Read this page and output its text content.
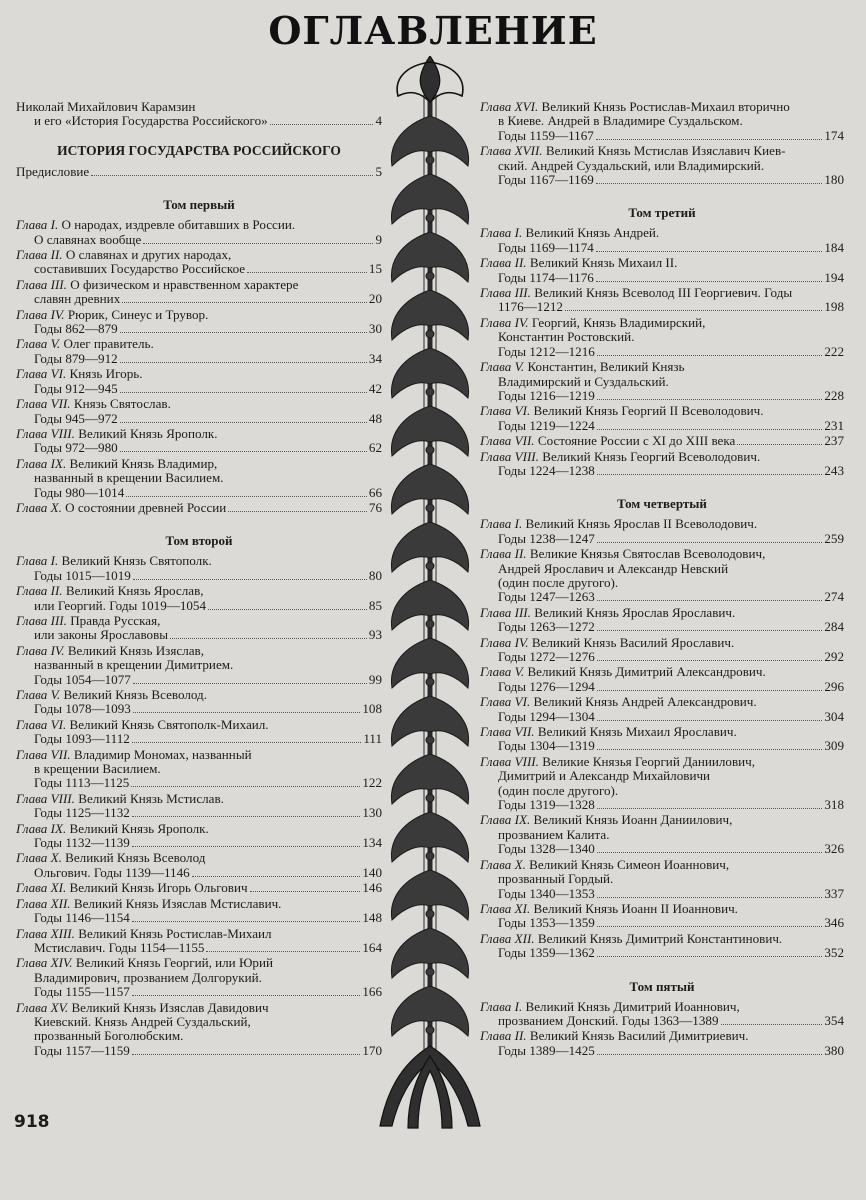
ОГЛАВЛЕНИЕ
Николай Михайлович Карамзин
и его «История Государства Российского»	4
ИСТОРИЯ ГОСУДАРСТВА РОССИЙСКОГО
Предисловие	5
Том первый
Глава I. О народах, издревле обитавших в России.
О славянах вообще	9
Глава II. О славянах и других народах,
составивших Государство Российское	15
Глава III. О физическом и нравственном характере
славян древних	20
Глава IV. Рюрик, Синеус и Трувор.
Годы 862—879	30
Глава V. Олег правитель.
Годы 879—912	34
Глава VI. Князь Игорь.
Годы 912—945	42
Глава VII. Князь Святослав.
Годы 945—972	48
Глава VIII. Великий Князь Ярополк.
Годы 972—980	62
Глава IX. Великий Князь Владимир,
названный в крещении Василием.
Годы 980—1014	66
Глава X. О состоянии древней России	76
Том второй
Глава I. Великий Князь Святополк.
Годы 1015—1019	80
Глава II. Великий Князь Ярослав,
или Георгий. Годы 1019—1054	85
Глава III. Правда Русская,
или законы Ярославовы	93
Глава IV. Великий Князь Изяслав,
названный в крещении Димитрием.
Годы 1054—1077	99
Глава V. Великий Князь Всеволод.
Годы 1078—1093	108
Глава VI. Великий Князь Святополк-Михаил.
Годы 1093—1112	111
Глава VII. Владимир Мономах, названный
в крещении Василием.
Годы 1113—1125	122
Глава VIII. Великий Князь Мстислав.
Годы 1125—1132	130
Глава IX. Великий Князь Ярополк.
Годы 1132—1139	134
Глава X. Великий Князь Всеволод
Ольгович. Годы 1139—1146	140
Глава XI. Великий Князь Игорь Ольгович	146
Глава XII. Великий Князь Изяслав Мстиславич.
Годы 1146—1154	148
Глава XIII. Великий Князь Ростислав-Михаил
Мстиславич. Годы 1154—1155	164
Глава XIV. Великий Князь Георгий, или Юрий
Владимирович, прозванием Долгорукий.
Годы 1155—1157	166
Глава XV. Великий Князь Изяслав Давидович
Киевский. Князь Андрей Суздальский,
прозванный Боголюбским.
Годы 1157—1159	170
Глава XVI. Великий Князь Ростислав-Михаил вторично
в Киеве. Андрей в Владимире Суздальском.
Годы 1159—1167	174
Глава XVII. Великий Князь Мстислав Изяславич Киев-
ский. Андрей Суздальский, или Владимирский.
Годы 1167—1169	180
Том третий
Глава I. Великий Князь Андрей.
Годы 1169—1174	184
Глава II. Великий Князь Михаил II.
Годы 1174—1176	194
Глава III. Великий Князь Всеволод III Георгиевич. Годы
1176—1212	198
Глава IV. Георгий, Князь Владимирский,
Константин Ростовский.
Годы 1212—1216	222
Глава V. Константин, Великий Князь
Владимирский и Суздальский.
Годы 1216—1219	228
Глава VI. Великий Князь Георгий II Всеволодович.
Годы 1219—1224	231
Глава VII. Состояние России с XI до XIII века	237
Глава VIII. Великий Князь Георгий Всеволодович.
Годы 1224—1238	243
Том четвертый
Глава I. Великий Князь Ярослав II Всеволодович.
Годы 1238—1247	259
Глава II. Великие Князья Святослав Всеволодович,
Андрей Ярославич и Александр Невский
(один после другого).
Годы 1247—1263	274
Глава III. Великий Князь Ярослав Ярославич.
Годы 1263—1272	284
Глава IV. Великий Князь Василий Ярославич.
Годы 1272—1276	292
Глава V. Великий Князь Димитрий Александрович.
Годы 1276—1294	296
Глава VI. Великий Князь Андрей Александрович.
Годы 1294—1304	304
Глава VII. Великий Князь Михаил Ярославич.
Годы 1304—1319	309
Глава VIII. Великие Князья Георгий Даниилович,
Димитрий и Александр Михайловичи
(один после другого).
Годы 1319—1328	318
Глава IX. Великий Князь Иоанн Даниилович,
прозванием Калита.
Годы 1328—1340	326
Глава X. Великий Князь Симеон Иоаннович,
прозванный Гордый.
Годы 1340—1353	337
Глава XI. Великий Князь Иоанн II Иоаннович.
Годы 1353—1359	346
Глава XII. Великий Князь Димитрий Константинович.
Годы 1359—1362	352
Том пятый
Глава I. Великий Князь Димитрий Иоаннович,
прозванием Донский. Годы 1363—1389	354
Глава II. Великий Князь Василий Димитриевич.
Годы 1389—1425	380
918
